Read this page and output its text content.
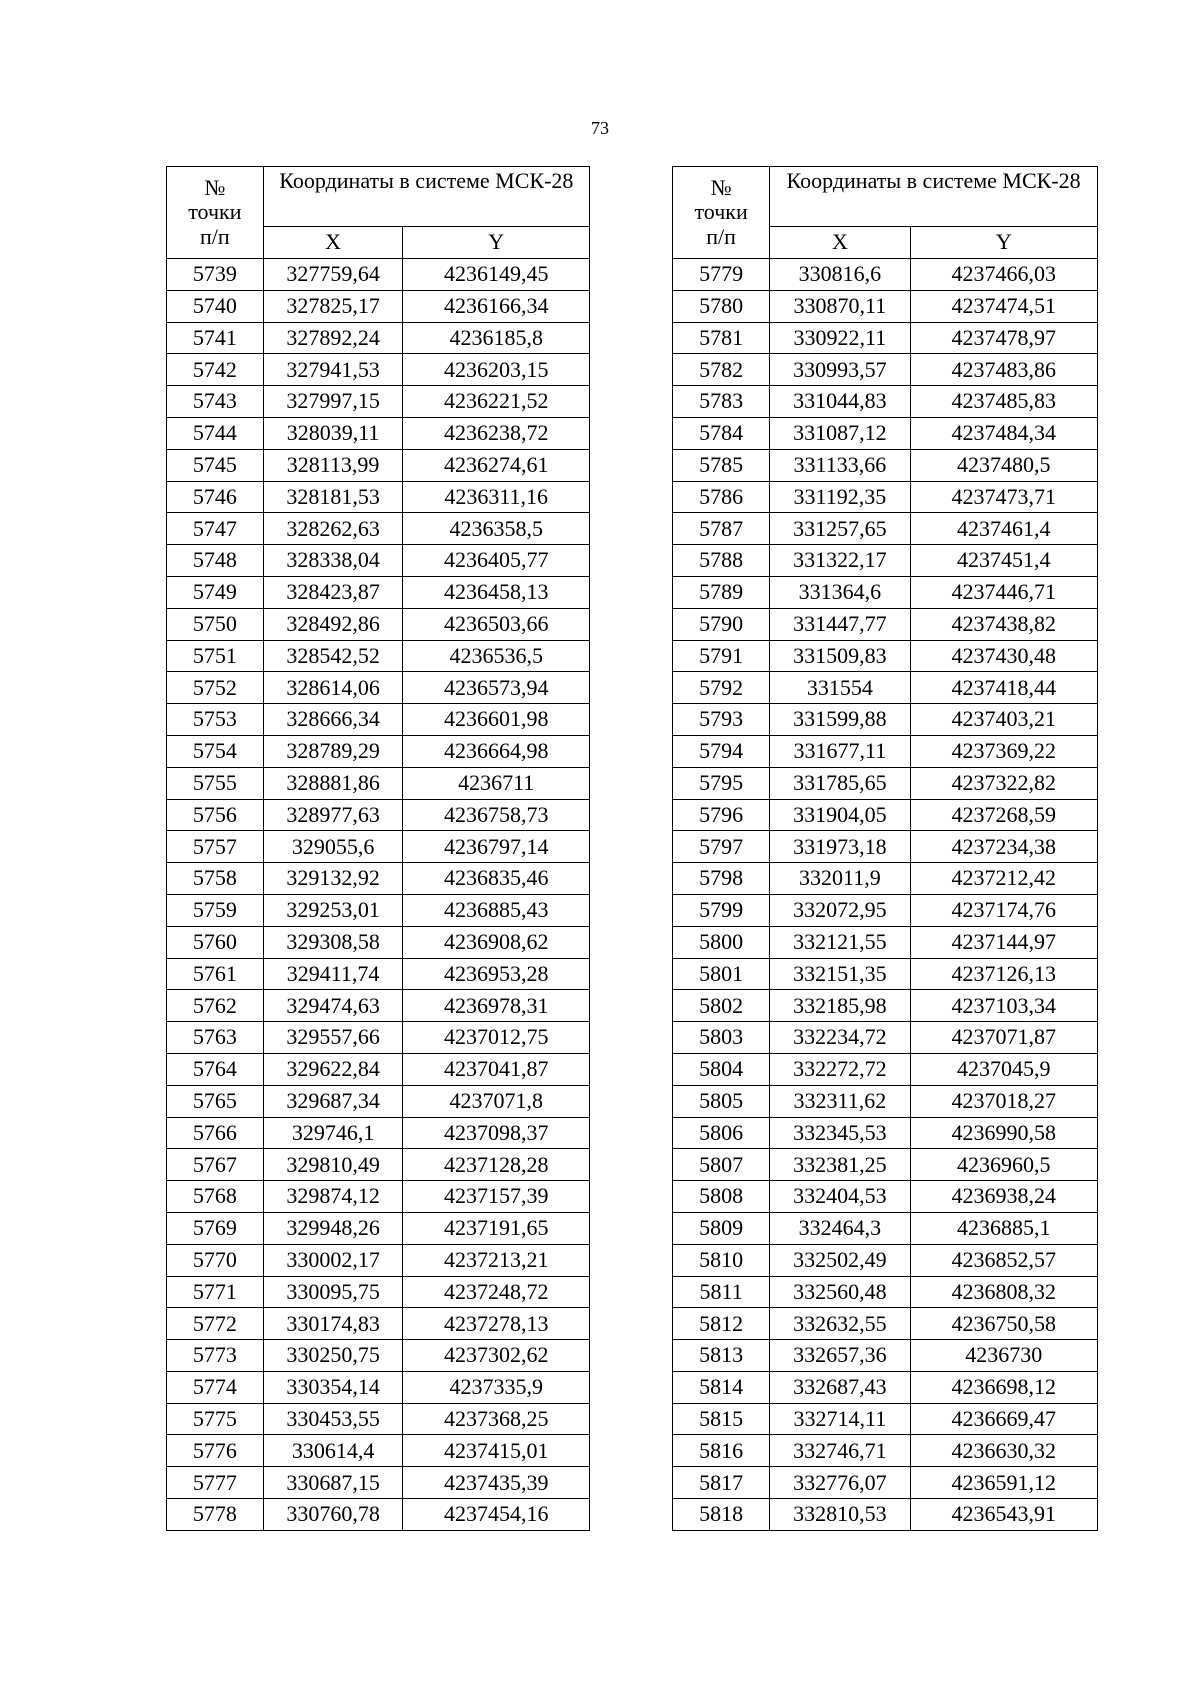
73
№
точки
п/п	Координаты в системе МСК-28	
	X	Y
5739	327759,64	4236149,45
5740	327825,17	4236166,34
5741	327892,24	4236185,8
5742	327941,53	4236203,15
5743	327997,15	4236221,52
5744	328039,11	4236238,72
5745	328113,99	4236274,61
5746	328181,53	4236311,16
5747	328262,63	4236358,5
5748	328338,04	4236405,77
5749	328423,87	4236458,13
5750	328492,86	4236503,66
5751	328542,52	4236536,5
5752	328614,06	4236573,94
5753	328666,34	4236601,98
5754	328789,29	4236664,98
5755	328881,86	4236711
5756	328977,63	4236758,73
5757	329055,6	4236797,14
5758	329132,92	4236835,46
5759	329253,01	4236885,43
5760	329308,58	4236908,62
5761	329411,74	4236953,28
5762	329474,63	4236978,31
5763	329557,66	4237012,75
5764	329622,84	4237041,87
5765	329687,34	4237071,8
5766	329746,1	4237098,37
5767	329810,49	4237128,28
5768	329874,12	4237157,39
5769	329948,26	4237191,65
5770	330002,17	4237213,21
5771	330095,75	4237248,72
5772	330174,83	4237278,13
5773	330250,75	4237302,62
5774	330354,14	4237335,9
5775	330453,55	4237368,25
5776	330614,4	4237415,01
5777	330687,15	4237435,39
5778	330760,78	4237454,16
№
точки
п/п	Координаты в системе МСК-28	
	X	Y
5779	330816,6	4237466,03
5780	330870,11	4237474,51
5781	330922,11	4237478,97
5782	330993,57	4237483,86
5783	331044,83	4237485,83
5784	331087,12	4237484,34
5785	331133,66	4237480,5
5786	331192,35	4237473,71
5787	331257,65	4237461,4
5788	331322,17	4237451,4
5789	331364,6	4237446,71
5790	331447,77	4237438,82
5791	331509,83	4237430,48
5792	331554	4237418,44
5793	331599,88	4237403,21
5794	331677,11	4237369,22
5795	331785,65	4237322,82
5796	331904,05	4237268,59
5797	331973,18	4237234,38
5798	332011,9	4237212,42
5799	332072,95	4237174,76
5800	332121,55	4237144,97
5801	332151,35	4237126,13
5802	332185,98	4237103,34
5803	332234,72	4237071,87
5804	332272,72	4237045,9
5805	332311,62	4237018,27
5806	332345,53	4236990,58
5807	332381,25	4236960,5
5808	332404,53	4236938,24
5809	332464,3	4236885,1
5810	332502,49	4236852,57
5811	332560,48	4236808,32
5812	332632,55	4236750,58
5813	332657,36	4236730
5814	332687,43	4236698,12
5815	332714,11	4236669,47
5816	332746,71	4236630,32
5817	332776,07	4236591,12
5818	332810,53	4236543,91
